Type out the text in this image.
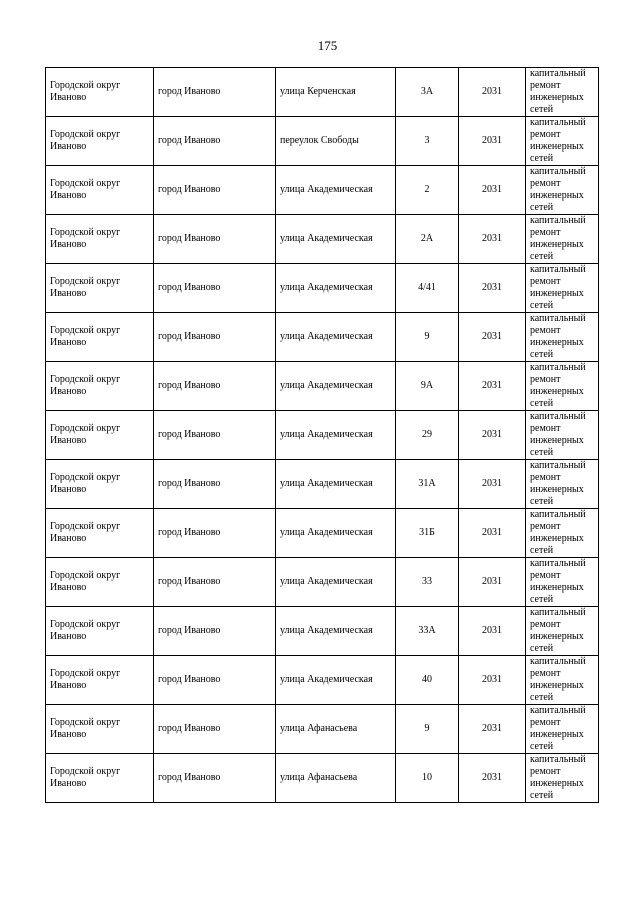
175
Городской округ Иваново	город Иваново	улица Керченская	3А	2031	капитальный ремонт инженерных сетей
Городской округ Иваново	город Иваново	переулок Свободы	3	2031	капитальный ремонт инженерных сетей
Городской округ Иваново	город Иваново	улица Академическая	2	2031	капитальный ремонт инженерных сетей
Городской округ Иваново	город Иваново	улица Академическая	2А	2031	капитальный ремонт инженерных сетей
Городской округ Иваново	город Иваново	улица Академическая	4/41	2031	капитальный ремонт инженерных сетей
Городской округ Иваново	город Иваново	улица Академическая	9	2031	капитальный ремонт инженерных сетей
Городской округ Иваново	город Иваново	улица Академическая	9А	2031	капитальный ремонт инженерных сетей
Городской округ Иваново	город Иваново	улица Академическая	29	2031	капитальный ремонт инженерных сетей
Городской округ Иваново	город Иваново	улица Академическая	31А	2031	капитальный ремонт инженерных сетей
Городской округ Иваново	город Иваново	улица Академическая	31Б	2031	капитальный ремонт инженерных сетей
Городской округ Иваново	город Иваново	улица Академическая	33	2031	капитальный ремонт инженерных сетей
Городской округ Иваново	город Иваново	улица Академическая	33А	2031	капитальный ремонт инженерных сетей
Городской округ Иваново	город Иваново	улица Академическая	40	2031	капитальный ремонт инженерных сетей
Городской округ Иваново	город Иваново	улица Афанасьева	9	2031	капитальный ремонт инженерных сетей
Городской округ Иваново	город Иваново	улица Афанасьева	10	2031	капитальный ремонт инженерных сетей
